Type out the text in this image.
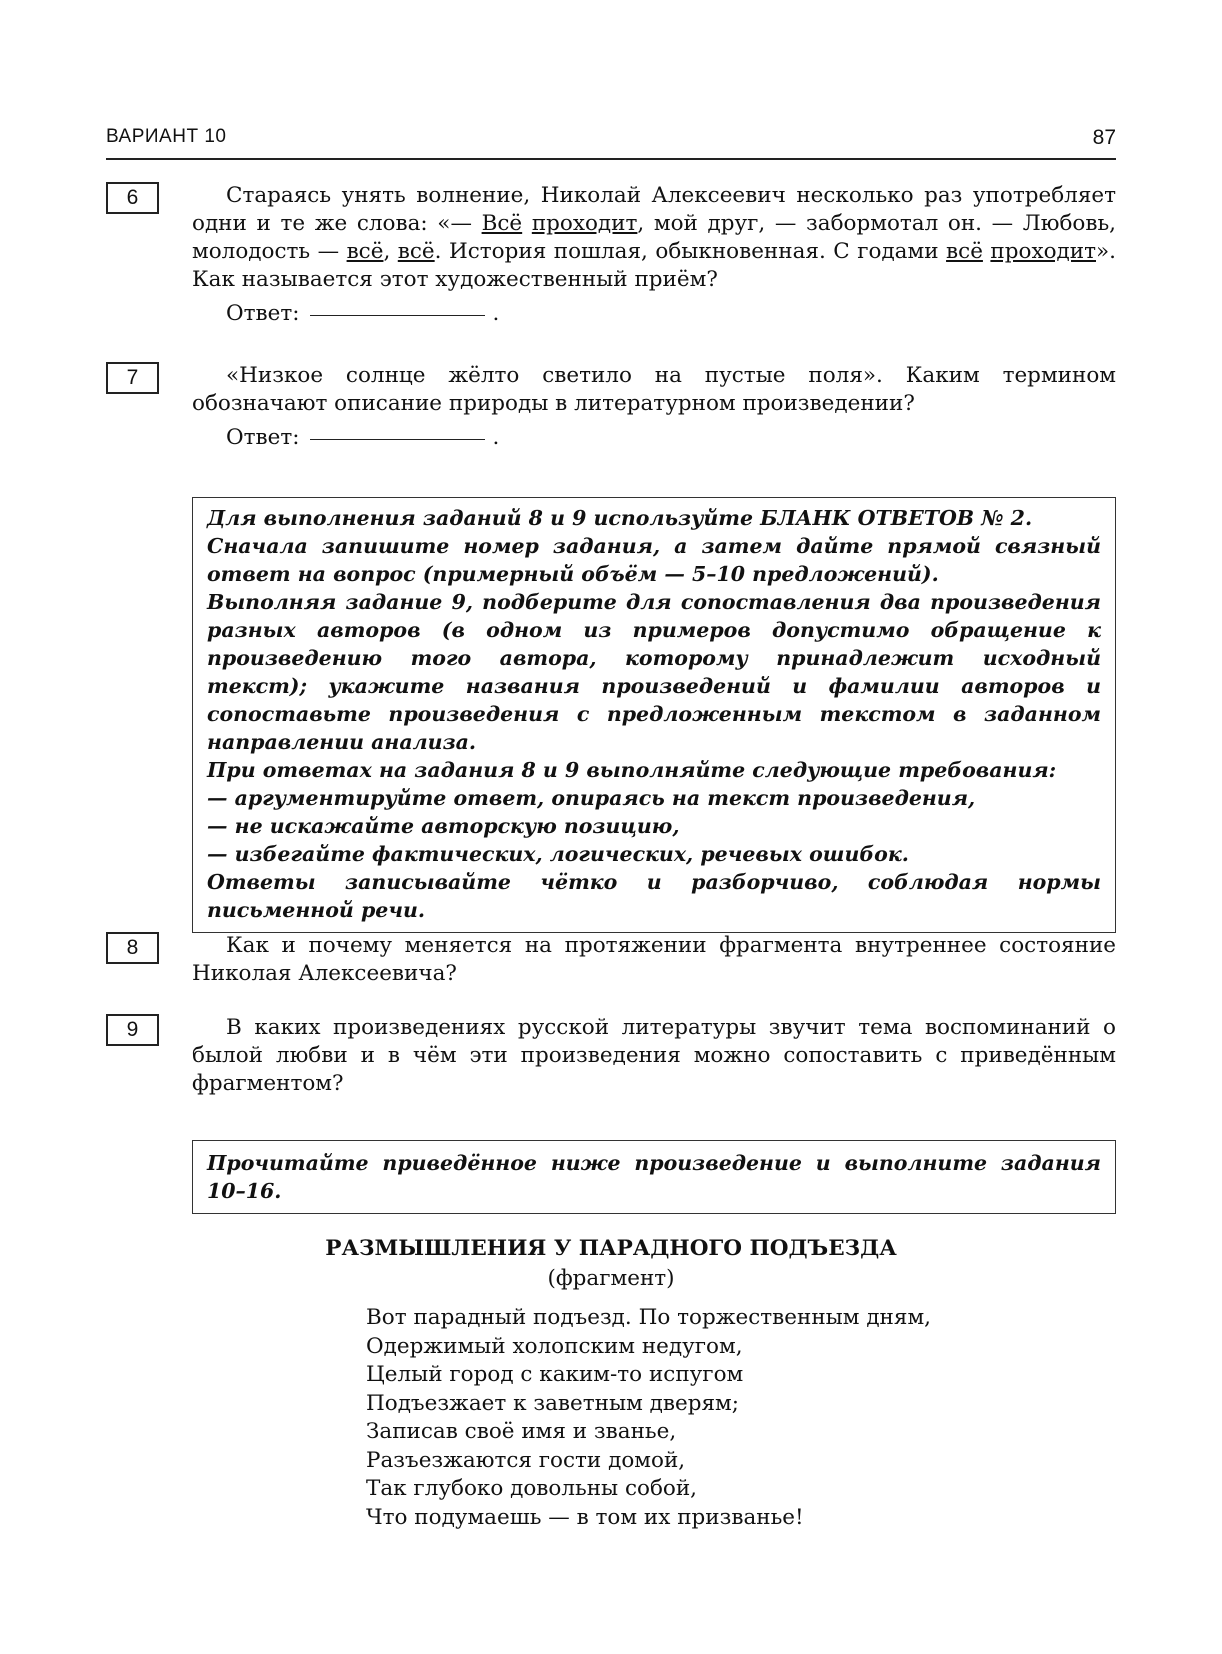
ВАРИАНТ 10	87
6	Стараясь унять волнение, Николай Алексеевич несколько раз употребляет одни и те же слова: «— Всё проходит, мой друг, — забормотал он. — Любовь, молодость — всё, всё. История пошлая, обыкновенная. С годами всё проходит». Как называется этот художественный приём?
Ответ:	.
7	«Низкое солнце жёлто светило на пустые поля». Каким термином обозначают описание природы в литературном произведении?
Ответ:	.

Для выполнения заданий 8 и 9 используйте БЛАНК ОТВЕТОВ № 2.

Сначала запишите номер задания, а затем дайте прямой связный ответ на вопрос (примерный объём — 5–10 предложений).

Выполняя задание 9, подберите для сопоставления два произведения разных авторов (в одном из примеров допустимо обращение к произведению того автора, которому принадлежит исходный текст); укажите названия произведений и фамилии авторов и сопоставьте произведения с предложенным текстом в заданном направлении анализа.

При ответах на задания 8 и 9 выполняйте следующие требования:

— аргументируйте ответ, опираясь на текст произведения,

— не искажайте авторскую позицию,

— избегайте фактических, логических, речевых ошибок.

Ответы записывайте чётко и разборчиво, соблюдая нормы письменной речи.

8	Как и почему меняется на протяжении фрагмента внутреннее состояние Николая Алексеевича?
9	В каких произведениях русской литературы звучит тема воспоминаний о былой любви и в чём эти произведения можно сопоставить с приведённым фрагментом?

Прочитайте приведённое ниже произведение и выполните задания 10–16.

РАЗМЫШЛЕНИЯ У ПАРАДНОГО ПОДЪЕЗДА
(фрагмент)
Вот парадный подъезд. По торжественным дням,
Одержимый холопским недугом,
Целый город с каким-то испугом
Подъезжает к заветным дверям;
Записав своё имя и званье,
Разъезжаются гости домой,
Так глубоко довольны собой,
Что подумаешь — в том их призванье!
